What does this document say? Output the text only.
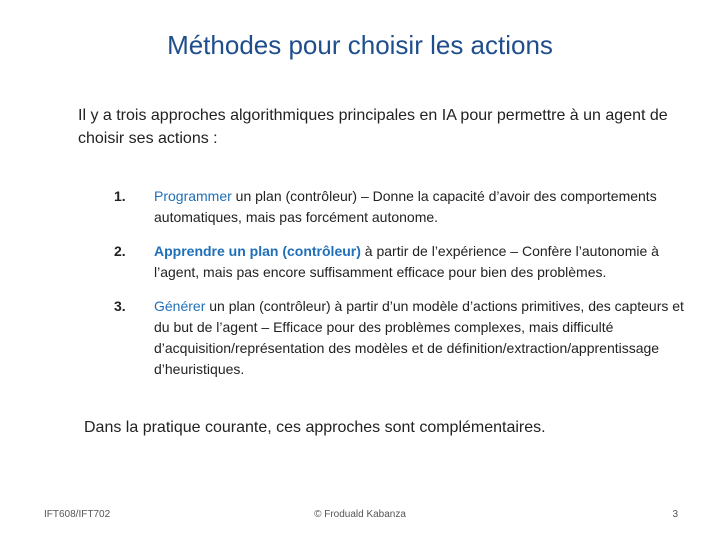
Méthodes pour choisir les actions
Il y a trois approches algorithmiques principales en IA pour permettre à un agent de choisir ses actions :
1. Programmer un plan (contrôleur) – Donne la capacité d’avoir des comportements automatiques, mais pas forcément autonome.
2. Apprendre un plan (contrôleur) à partir de l’expérience – Confère l’autonomie à l’agent, mais pas encore suffisamment efficace pour bien des problèmes.
3. Générer un plan (contrôleur) à partir d’un modèle d’actions primitives, des capteurs et du but de l’agent – Efficace pour des problèmes complexes, mais difficulté d’acquisition/représentation des modèles et de définition/extraction/apprentissage d’heuristiques.
Dans la pratique courante, ces approches sont complémentaires.
IFT608/IFT702	© Froduald Kabanza	3
